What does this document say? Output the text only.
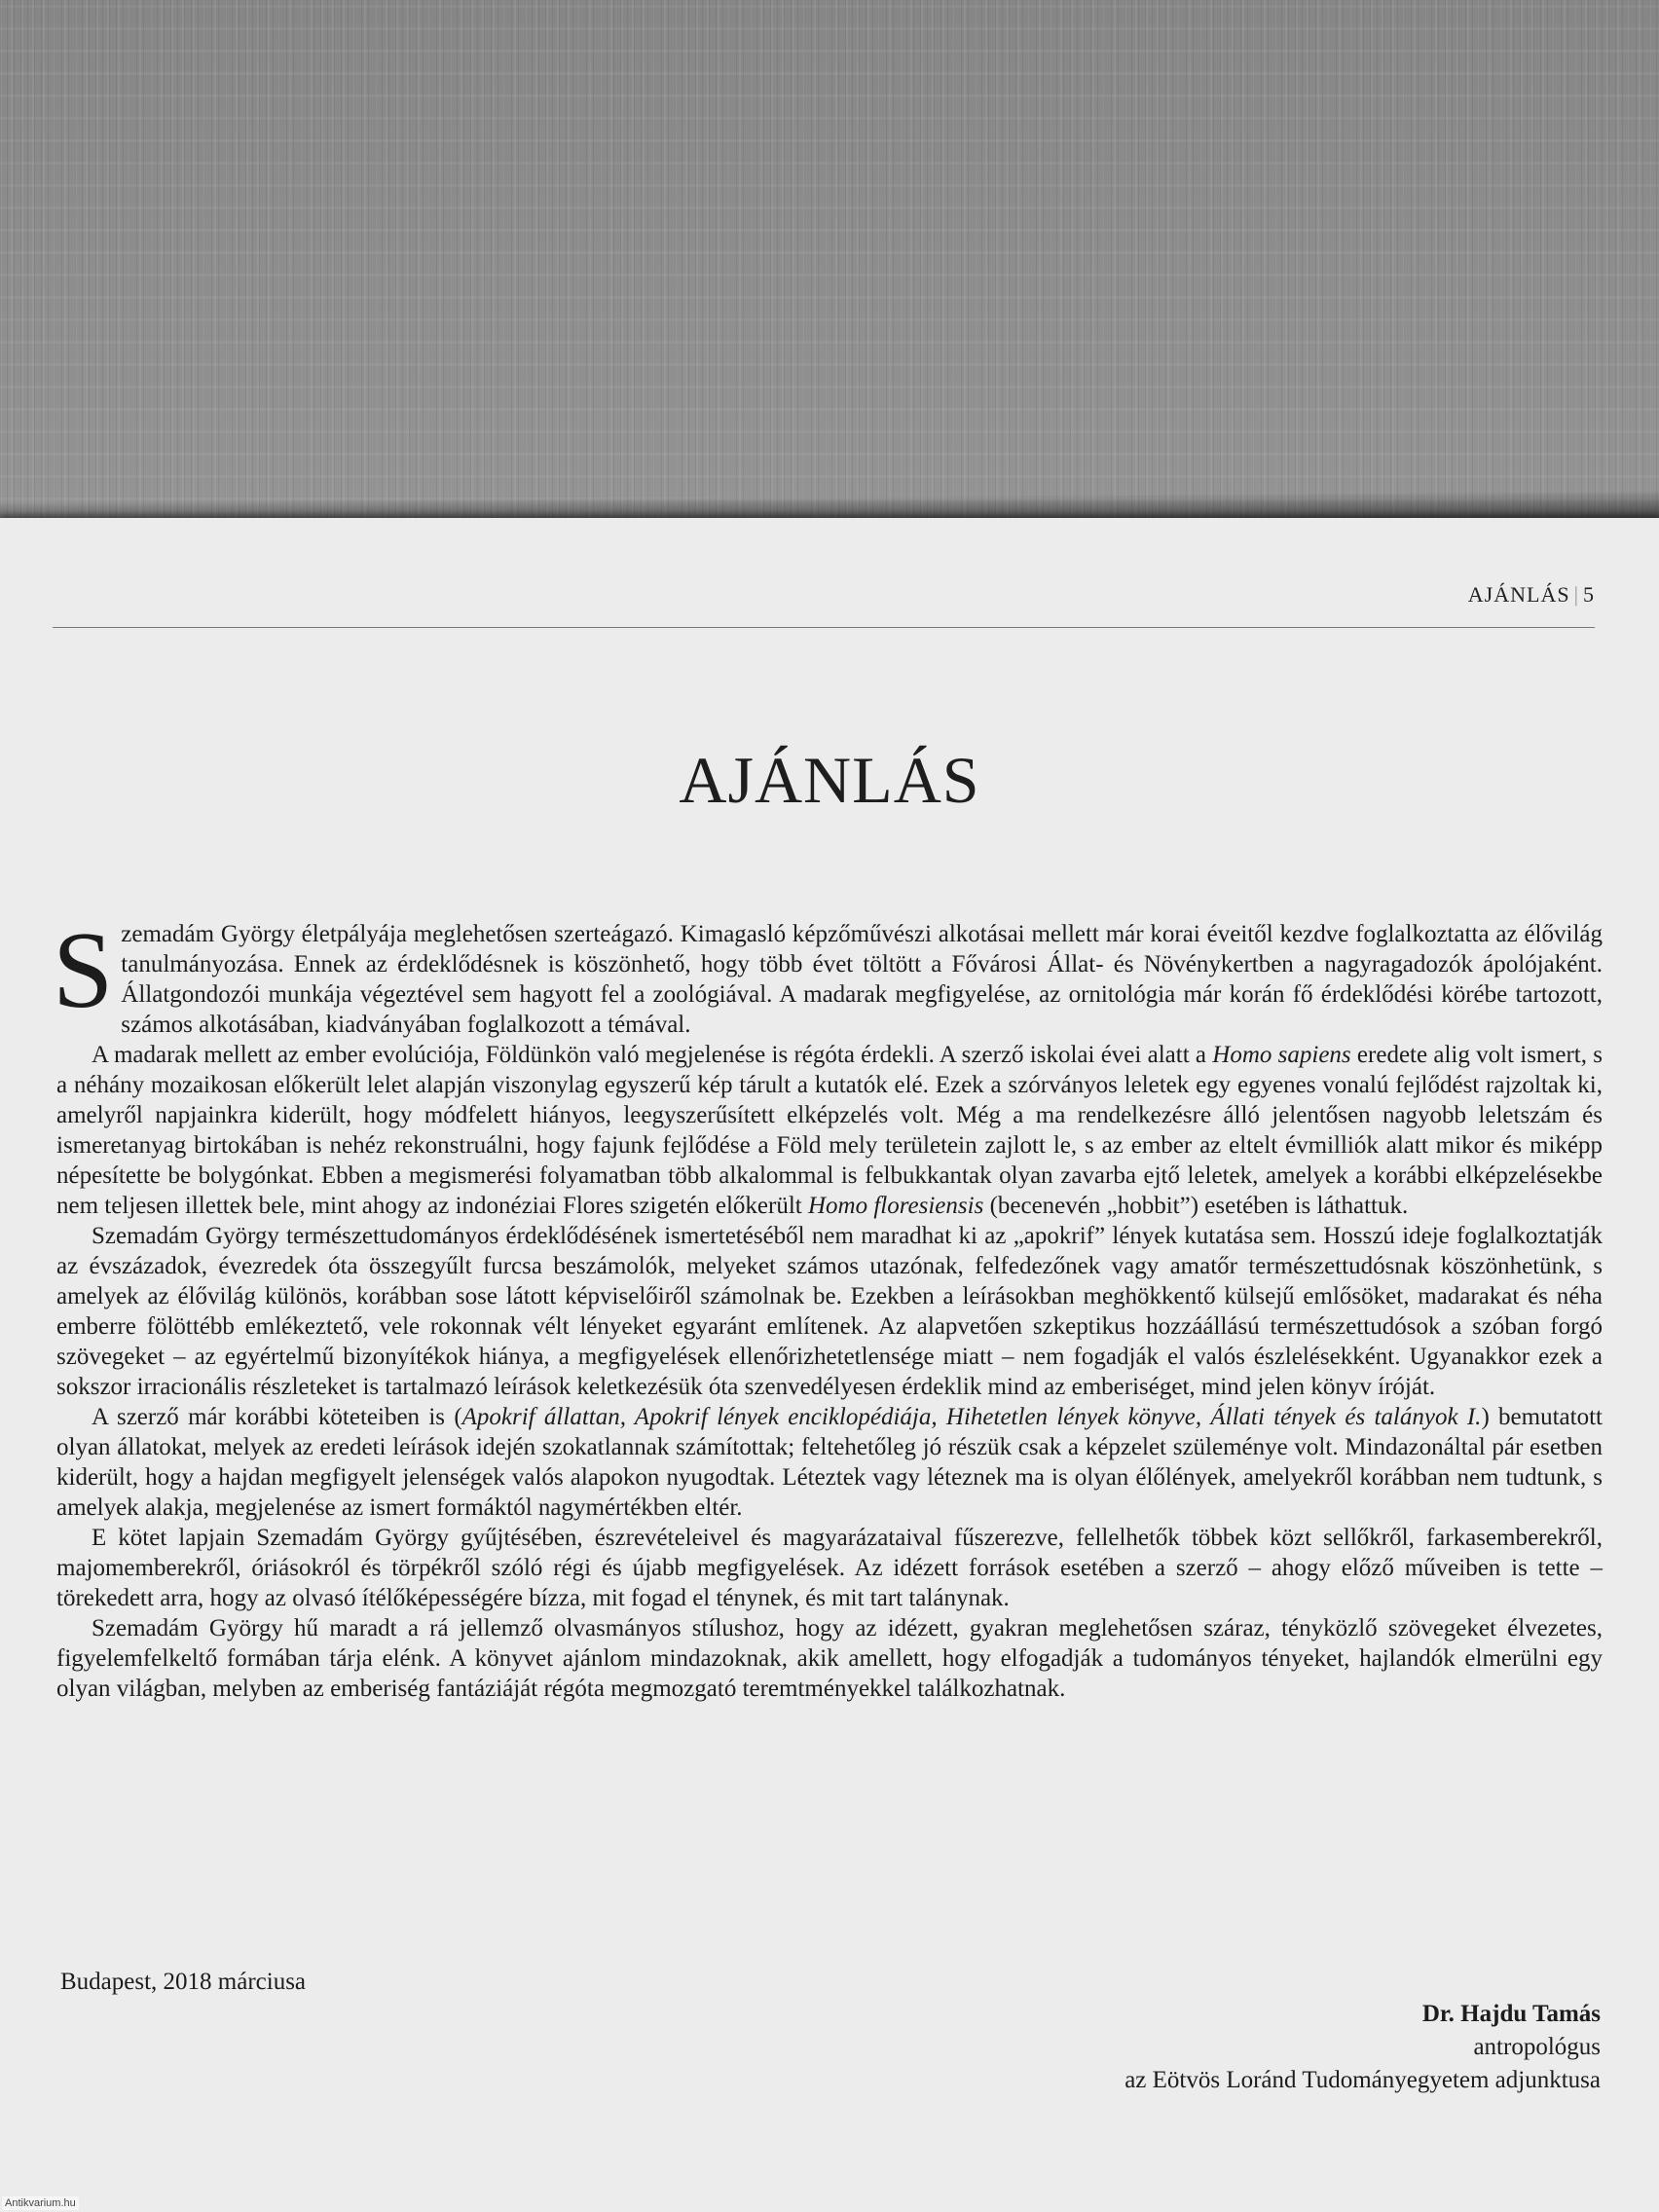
AJÁNLÁS | 5
AJÁNLÁS

Szemadám György életpályája meglehetősen szerteágazó. Kimagasló képzőművészi alkotásai mellett már korai éveitől kezdve foglalkoztatta az élővilág tanulmányozása. Ennek az érdeklődésnek is köszönhető, hogy több évet töltött a Fővárosi Állat- és Növénykertben a nagyragadozók ápolójaként. Állatgondozói munkája végeztével sem hagyott fel a zoológiával. A madarak megfigyelése, az ornitológia már korán fő érdeklődési körébe tartozott, számos alkotásában, kiadványában foglalkozott a témával.

A madarak mellett az ember evolúciója, Földünkön való megjelenése is régóta érdekli. A szerző iskolai évei alatt a Homo sapiens eredete alig volt ismert, s a néhány mozaikosan előkerült lelet alapján viszonylag egyszerű kép tárult a kutatók elé. Ezek a szórványos leletek egy egyenes vonalú fejlődést rajzoltak ki, amelyről napjainkra kiderült, hogy módfelett hiányos, leegyszerűsített elképzelés volt. Még a ma rendelkezésre álló jelentősen nagyobb leletszám és ismeretanyag birtokában is nehéz rekonstruálni, hogy fajunk fejlődése a Föld mely területein zajlott le, s az ember az eltelt évmilliók alatt mikor és miképp népesítette be bolygónkat. Ebben a megismerési folyamatban több alkalommal is felbukkantak olyan zavarba ejtő leletek, amelyek a korábbi elképzelésekbe nem teljesen illettek bele, mint ahogy az indonéziai Flores szigetén előkerült Homo floresiensis (becenevén „hobbit”) esetében is láthattuk.

Szemadám György természettudományos érdeklődésének ismertetéséből nem maradhat ki az „apokrif” lények kutatása sem. Hosszú ideje foglalkoztatják az évszázadok, évezredek óta összegyűlt furcsa beszámolók, melyeket számos utazónak, felfedezőnek vagy amatőr természettudósnak köszönhetünk, s amelyek az élővilág különös, korábban sose látott képviselőiről számolnak be. Ezekben a leírásokban meghökkentő külsejű emlősöket, madarakat és néha emberre fölöttébb emlékeztető, vele rokonnak vélt lényeket egyaránt említenek. Az alapvetően szkeptikus hozzáállású természettudósok a szóban forgó szövegeket – az egyértelmű bizonyítékok hiánya, a megfigyelések ellenőrizhetetlensége miatt – nem fogadják el valós észlelésekként. Ugyanakkor ezek a sokszor irracionális részleteket is tartalmazó leírások keletkezésük óta szenvedélyesen érdeklik mind az emberiséget, mind jelen könyv íróját.

A szerző már korábbi köteteiben is (Apokrif állattan, Apokrif lények enciklopédiája, Hihetetlen lények könyve, Állati tények és talányok I.) bemutatott olyan állatokat, melyek az eredeti leírások idején szokatlannak számítottak; feltehetőleg jó részük csak a képzelet szüleménye volt. Mindazonáltal pár esetben kiderült, hogy a hajdan megfigyelt jelenségek valós alapokon nyugodtak. Léteztek vagy léteznek ma is olyan élőlények, amelyekről korábban nem tudtunk, s amelyek alakja, megjelenése az ismert formáktól nagymértékben eltér.

E kötet lapjain Szemadám György gyűjtésében, észrevételeivel és magyarázataival fűszerezve, fellelhetők többek közt sellőkről, farkasemberekről, majomemberekről, óriásokról és törpékről szóló régi és újabb megfigyelések. Az idézett források esetében a szerző – ahogy előző műveiben is tette – törekedett arra, hogy az olvasó ítélőképességére bízza, mit fogad el ténynek, és mit tart talánynak.

Szemadám György hű maradt a rá jellemző olvasmányos stílushoz, hogy az idézett, gyakran meglehetősen száraz, tényközlő szövegeket élvezetes, figyelemfelkeltő formában tárja elénk. A könyvet ajánlom mindazoknak, akik amellett, hogy elfogadják a tudományos tényeket, hajlandók elmerülni egy olyan világban, melyben az emberiség fantáziáját régóta megmozgató teremtményekkel találkozhatnak.

Budapest, 2018 márciusa
Dr. Hajdu Tamás
antropológus
az Eötvös Loránd Tudományegyetem adjunktusa
Antikvarium.hu
